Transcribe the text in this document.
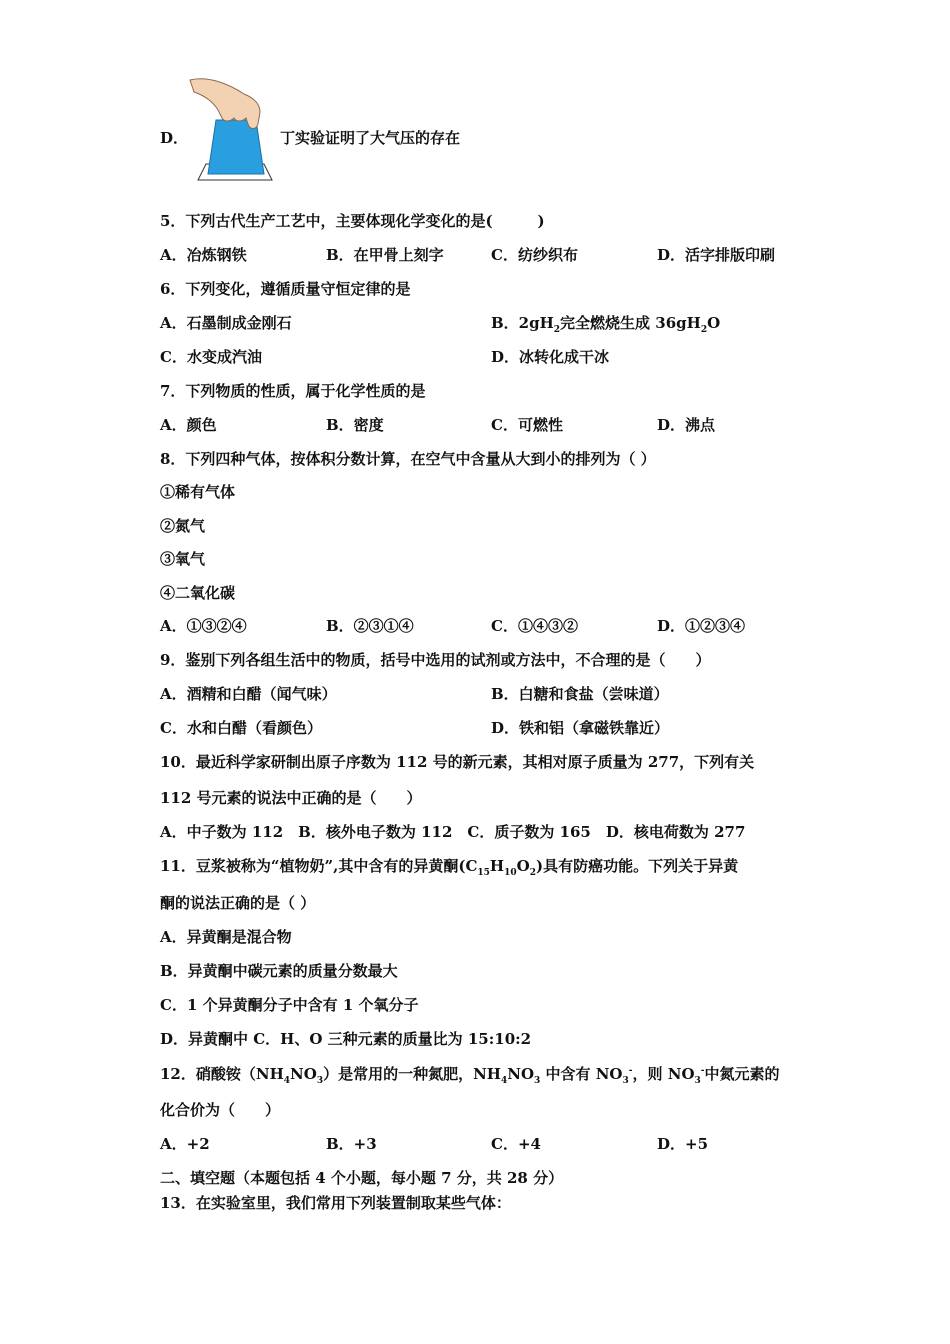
D．	丁实验证明了大气压的存在
5．下列古代生产工艺中，主要体现化学变化的是(　　　)
A．冶炼钢铁	B．在甲骨上刻字	C．纺纱织布	D．活字排版印刷
6．下列变化，遵循质量守恒定律的是
A．石墨制成金刚石	B．$2gH_2$完全燃烧生成 $36gH_2O$
C．水变成汽油	D．冰转化成干冰
7．下列物质的性质，属于化学性质的是
A．颜色	B．密度	C．可燃性	D．沸点
8．下列四种气体，按体积分数计算，在空气中含量从大到小的排列为（ ）
①稀有气体
②氮气
③氧气
④二氧化碳
A．①③②④	B．②③①④	C．①④③②	D．①②③④
9．鉴别下列各组生活中的物质，括号中选用的试剂或方法中，不合理的是（　　）
A．酒精和白醋（闻气味）	B．白糖和食盐（尝味道）
C．水和白醋（看颜色）	D．铁和铝（拿磁铁靠近）
10．最近科学家研制出原子序数为 112 号的新元素，其相对原子质量为 277，下列有关
112 号元素的说法中正确的是（　　）
A．中子数为 112　B．核外电子数为 112　C．质子数为 165　D．核电荷数为 277
11．豆浆被称为“植物奶”,其中含有的异黄酮$(C_{15}H_{10}O_2)$具有防癌功能。下列关于异黄
酮的说法正确的是（ ）
A．异黄酮是混合物
B．异黄酮中碳元素的质量分数最大
C．1 个异黄酮分子中含有 1 个氧分子
D．异黄酮中 C．H、O 三种元素的质量比为 15:10:2
12．硝酸铵$(NH_4NO_3)$是常用的一种氮肥，$NH_4NO_3$ 中含有 $NO_3^-$，则 $NO_3^-$中氮元素的
化合价为（　　）
A．+2	B．+3	C．+4	D．+5
二、填空题（本题包括 4 个小题，每小题 7 分，共 28 分）
13．在实验室里，我们常用下列装置制取某些气体：
